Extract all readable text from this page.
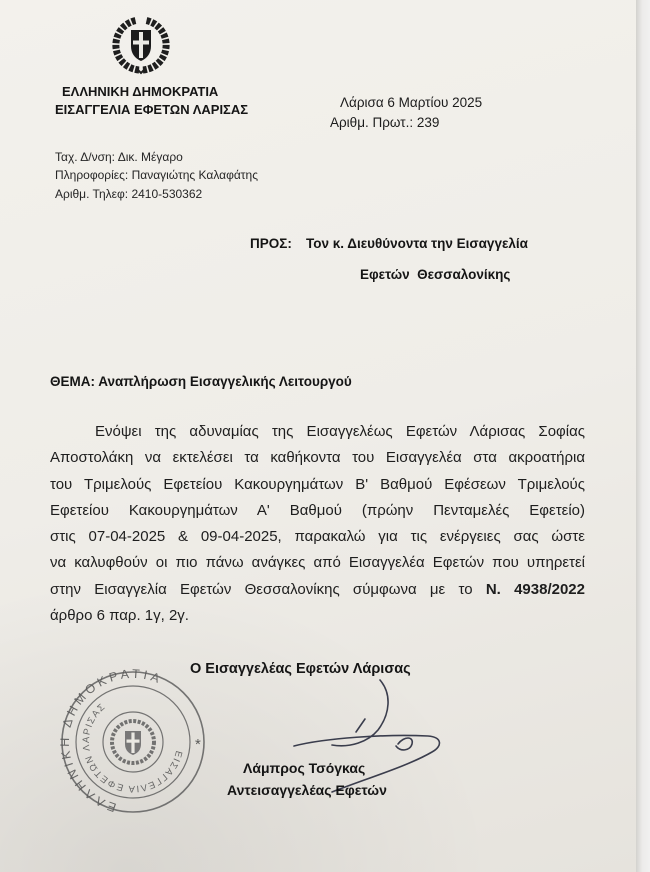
ΕΛΛΗΝΙΚΗ ΔΗΜΟΚΡΑΤΙΑ
ΕΙΣΑΓΓΕΛΙΑ ΕΦΕΤΩΝ ΛΑΡΙΣΑΣ	Λάρισα 6 Μαρτίου 2025
Αριθμ. Πρωτ.: 239
Ταχ. Δ/νση: Δικ. Μέγαρο
Πληροφορίες: Παναγιώτης Καλαφάτης
Αριθμ. Τηλεφ: 2410-530362
ΠΡΟΣ: Τον κ. Διευθύνοντα την Εισαγγελία
Εφετών  Θεσσαλονίκης
ΘΕΜΑ: Αναπλήρωση Εισαγγελικής Λειτουργού
Ενόψει της αδυναμίας της Εισαγγελέως Εφετών Λάρισας Σοφίας
Αποστολάκη να εκτελέσει τα καθήκοντα του Εισαγγελέα στα ακροατήρια
του Τριμελούς Εφετείου Κακουργημάτων Β' Βαθμού Εφέσεων Τριμελούς
Εφετείου Κακουργημάτων Α' Βαθμού (πρώην Πενταμελές Εφετείο)
στις 07-04-2025 & 09-04-2025, παρακαλώ για τις ενέργειες σας ώστε
να καλυφθούν οι πιο πάνω ανάγκες από Εισαγγελέα Εφετών που υπηρετεί
στην Εισαγγελία Εφετών Θεσσαλονίκης σύμφωνα με το Ν. 4938/2022
άρθρο 6 παρ. 1γ, 2γ.
Ο Εισαγγελέας Εφετών Λάρισας
ΕΛΛΗΝΙΚΗ ΔΗΜΟΚΡΑΤΙΑ
ΕΙΣΑΓΓΕΛΙΑ ΕΦΕΤΩΝ ΛΑΡΙΣΑΣ
*
Λάμπρος Τσόγκας
Αντεισαγγελέας Εφετών
